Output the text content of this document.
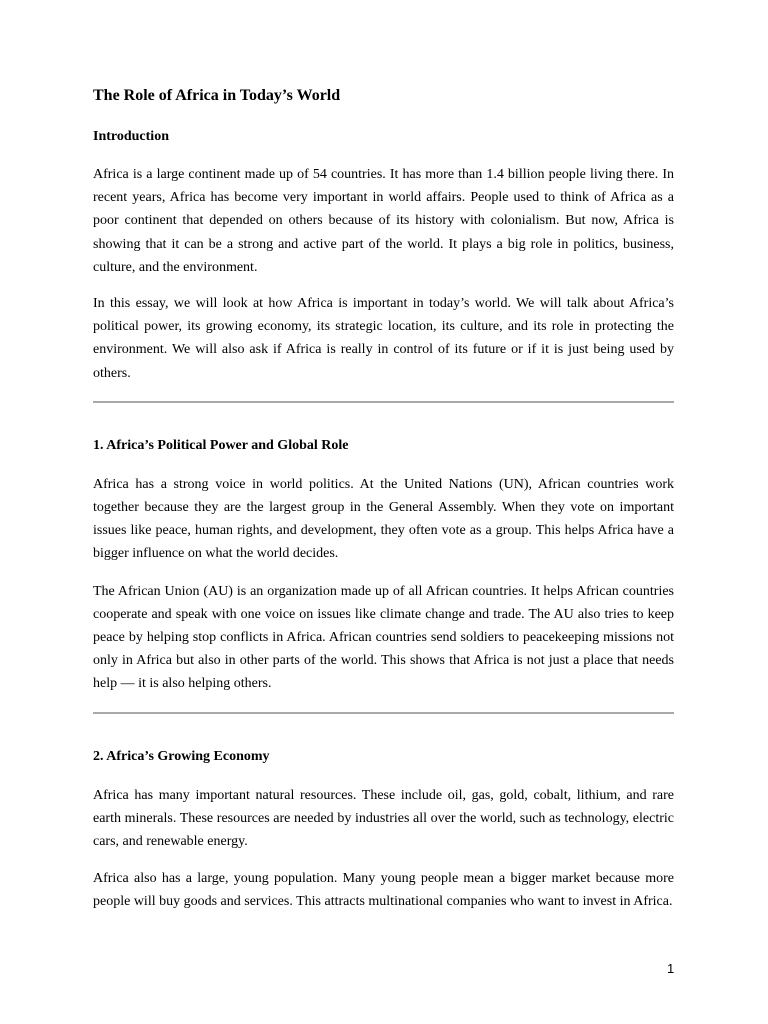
The Role of Africa in Today’s World
Introduction

Africa is a large continent made up of 54 countries. It has more than 1.4 billion people living there. In recent years, Africa has become very important in world affairs. People used to think of Africa as a poor continent that depended on others because of its history with colonialism. But now, Africa is showing that it can be a strong and active part of the world. It plays a big role in politics, business, culture, and the environment.

In this essay, we will look at how Africa is important in today’s world. We will talk about Africa’s political power, its growing economy, its strategic location, its culture, and its role in protecting the environment. We will also ask if Africa is really in control of its future or if it is just being used by others.

1. Africa’s Political Power and Global Role

Africa has a strong voice in world politics. At the United Nations (UN), African countries work together because they are the largest group in the General Assembly. When they vote on important issues like peace, human rights, and development, they often vote as a group. This helps Africa have a bigger influence on what the world decides.

The African Union (AU) is an organization made up of all African countries. It helps African countries cooperate and speak with one voice on issues like climate change and trade. The AU also tries to keep peace by helping stop conflicts in Africa. African countries send soldiers to peacekeeping missions not only in Africa but also in other parts of the world. This shows that Africa is not just a place that needs help — it is also helping others.

2. Africa’s Growing Economy

Africa has many important natural resources. These include oil, gas, gold, cobalt, lithium, and rare earth minerals. These resources are needed by industries all over the world, such as technology, electric cars, and renewable energy.

Africa also has a large, young population. Many young people mean a bigger market because more people will buy goods and services. This attracts multinational companies who want to invest in Africa.

1
